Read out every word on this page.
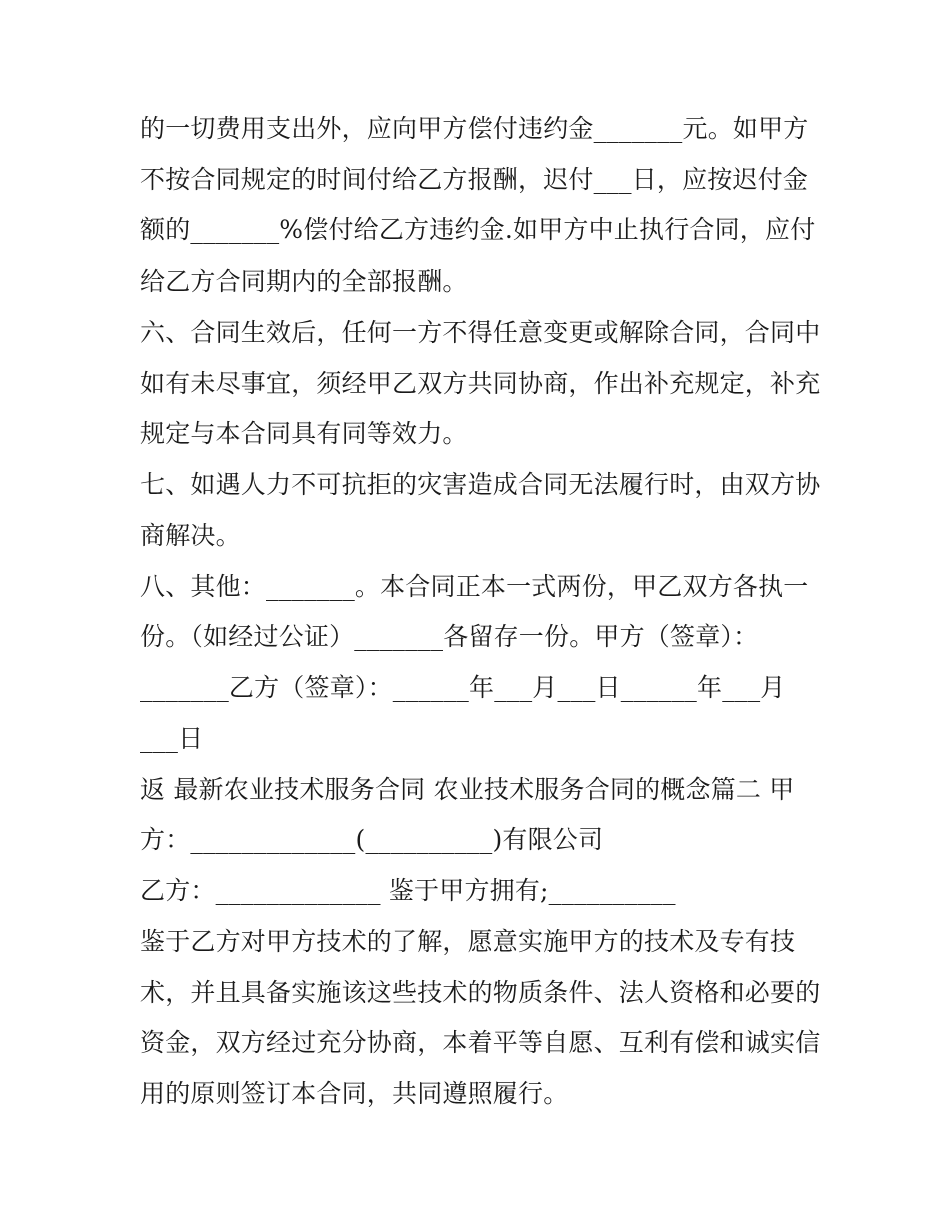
的一切费用支出外，应向甲方偿付违约金_______元。如甲方
不按合同规定的时间付给乙方报酬，迟付___日，应按迟付金
额的_______%偿付给乙方违约金.如甲方中止执行合同，应付
给乙方合同期内的全部报酬。
六、合同生效后，任何一方不得任意变更或解除合同，合同中
如有未尽事宜，须经甲乙双方共同协商，作出补充规定，补充
规定与本合同具有同等效力。
七、如遇人力不可抗拒的灾害造成合同无法履行时，由双方协
商解决。
八、其他：_______。本合同正本一式两份，甲乙双方各执一
份。（如经过公证）_______各留存一份。甲方（签章）：
_______乙方（签章）：______年___月___日______年___月
___日
返 最新农业技术服务合同 农业技术服务合同的概念篇二 甲
方：_____________(__________)有限公司
乙方：_____________ 鉴于甲方拥有;__________
鉴于乙方对甲方技术的了解，愿意实施甲方的技术及专有技
术，并且具备实施该这些技术的物质条件、法人资格和必要的
资金，双方经过充分协商，本着平等自愿、互利有偿和诚实信
用的原则签订本合同，共同遵照履行。
